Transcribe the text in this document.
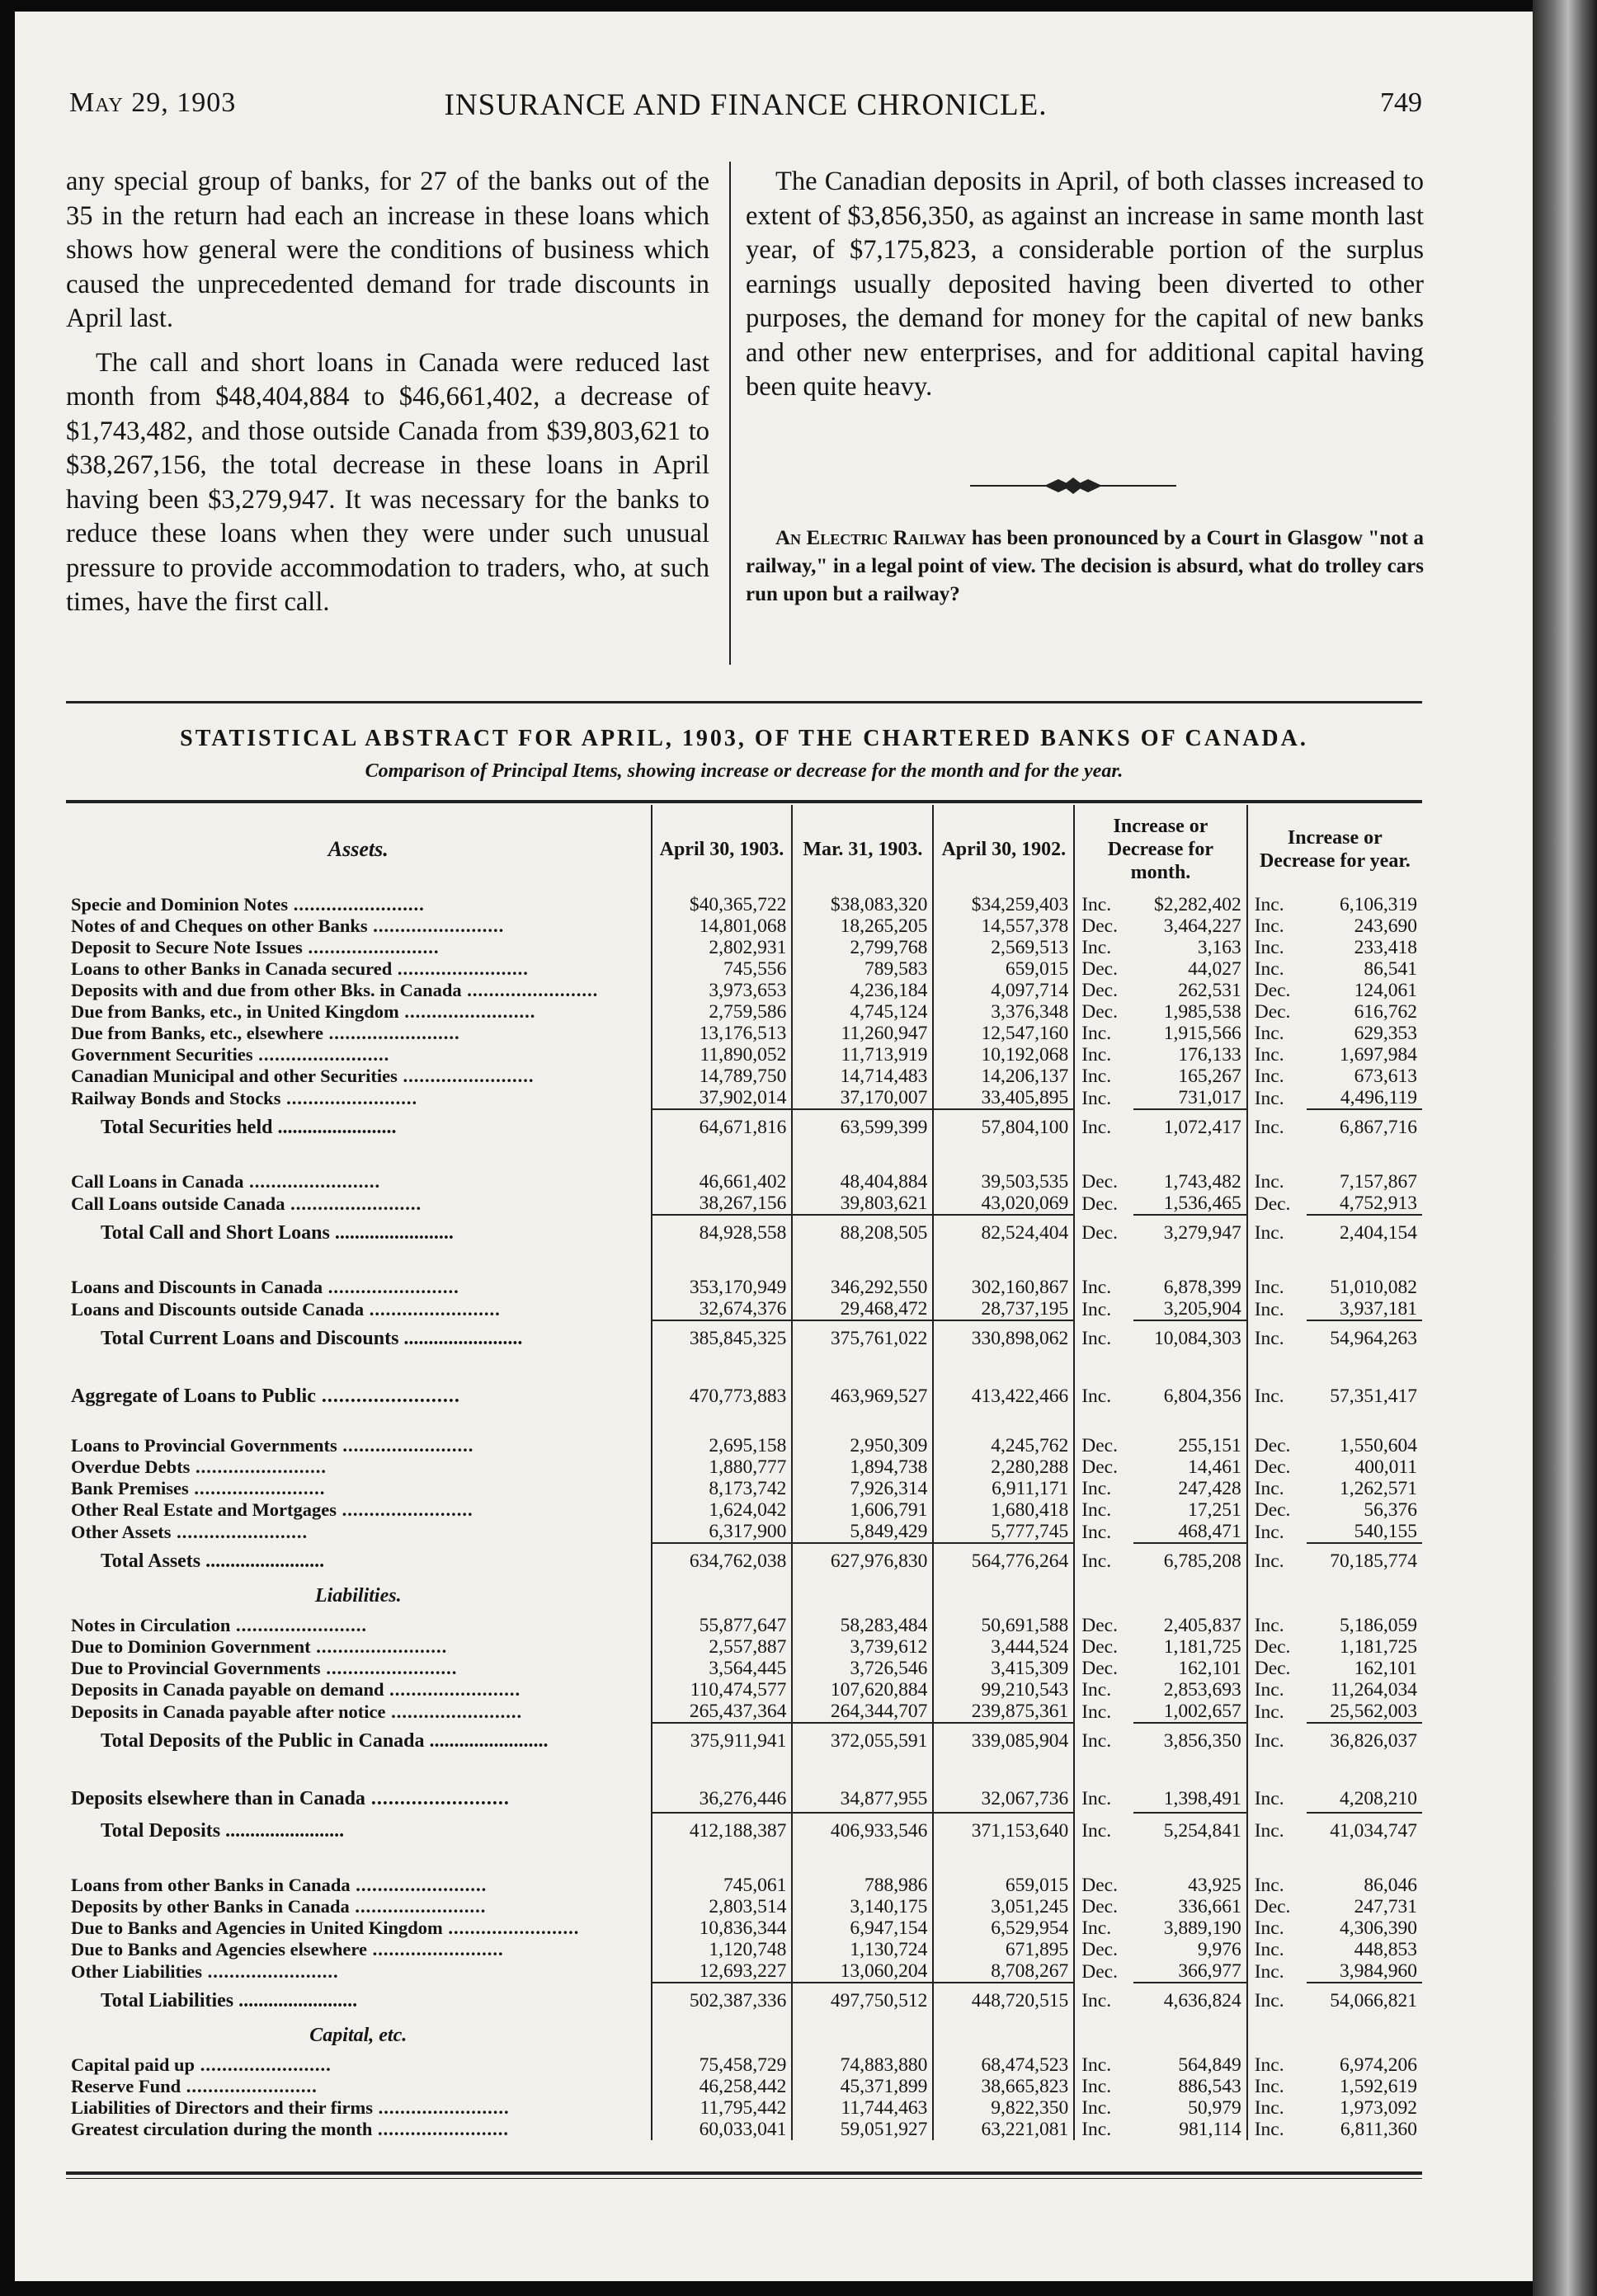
INSURANCE AND FINANCE CHRONICLE.
May 29, 1903	749

any special group of banks, for 27 of the banks out of the 35 in the return had each an increase in these loans which shows how general were the conditions of business which caused the unprecedented demand for trade discounts in April last.

The call and short loans in Canada were reduced last month from $48,404,884 to $46,661,402, a decrease of $1,743,482, and those outside Canada from $39,803,621 to $38,267,156, the total decrease in these loans in April having been $3,279,947. It was necessary for the banks to reduce these loans when they were under such unusual pressure to provide accommodation to traders, who, at such times, have the first call.

The Canadian deposits in April, of both classes increased to extent of $3,856,350, as against an increase in same month last year, of $7,175,823, a considerable portion of the surplus earnings usually deposited having been diverted to other purposes, the demand for money for the capital of new banks and other new enterprises, and for additional capital having been quite heavy.

An Electric Railway has been pronounced by a Court in Glasgow "not a railway," in a legal point of view. The decision is absurd, what do trolley cars run upon but a railway?
STATISTICAL ABSTRACT FOR APRIL, 1903, OF THE CHARTERED BANKS OF CANADA.
Comparison of Principal Items, showing increase or decrease for the month and for the year.
Assets.	April 30, 1903.	Mar. 31, 1903.	April 30, 1902.	Increase or Decrease for month.		Increase or Decrease for year.	
Specie and Dominion Notes ........................	$40,365,722	$38,083,320	$34,259,403	Inc.	$2,282,402	Inc.	6,106,319
Notes of and Cheques on other Banks ........................	14,801,068	18,265,205	14,557,378	Dec.	3,464,227	Inc.	243,690
Deposit to Secure Note Issues ........................	2,802,931	2,799,768	2,569,513	Inc.	3,163	Inc.	233,418
Loans to other Banks in Canada secured ........................	745,556	789,583	659,015	Dec.	44,027	Inc.	86,541
Deposits with and due from other Bks. in Canada ........................	3,973,653	4,236,184	4,097,714	Dec.	262,531	Dec.	124,061
Due from Banks, etc., in United Kingdom ........................	2,759,586	4,745,124	3,376,348	Dec.	1,985,538	Dec.	616,762
Due from Banks, etc., elsewhere ........................	13,176,513	11,260,947	12,547,160	Inc.	1,915,566	Inc.	629,353
Government Securities ........................	11,890,052	11,713,919	10,192,068	Inc.	176,133	Inc.	1,697,984
Canadian Municipal and other Securities ........................	14,789,750	14,714,483	14,206,137	Inc.	165,267	Inc.	673,613
Railway Bonds and Stocks ........................	37,902,014	37,170,007	33,405,895	Inc.	731,017	Inc.	4,496,119
Total Securities held ........................	64,671,816	63,599,399	57,804,100	Inc.	1,072,417	Inc.	6,867,716

Call Loans in Canada ........................	46,661,402	48,404,884	39,503,535	Dec.	1,743,482	Inc.	7,157,867
Call Loans outside Canada ........................	38,267,156	39,803,621	43,020,069	Dec.	1,536,465	Dec.	4,752,913
Total Call and Short Loans ........................	84,928,558	88,208,505	82,524,404	Dec.	3,279,947	Inc.	2,404,154

Loans and Discounts in Canada ........................	353,170,949	346,292,550	302,160,867	Inc.	6,878,399	Inc.	51,010,082
Loans and Discounts outside Canada ........................	32,674,376	29,468,472	28,737,195	Inc.	3,205,904	Inc.	3,937,181
Total Current Loans and Discounts ........................	385,845,325	375,761,022	330,898,062	Inc.	10,084,303	Inc.	54,964,263

Aggregate of Loans to Public ........................	470,773,883	463,969,527	413,422,466	Inc.	6,804,356	Inc.	57,351,417

Loans to Provincial Governments ........................	2,695,158	2,950,309	4,245,762	Dec.	255,151	Dec.	1,550,604
Overdue Debts ........................	1,880,777	1,894,738	2,280,288	Dec.	14,461	Dec.	400,011
Bank Premises ........................	8,173,742	7,926,314	6,911,171	Inc.	247,428	Inc.	1,262,571
Other Real Estate and Mortgages ........................	1,624,042	1,606,791	1,680,418	Inc.	17,251	Dec.	56,376
Other Assets ........................	6,317,900	5,849,429	5,777,745	Inc.	468,471	Inc.	540,155
Total Assets ........................	634,762,038	627,976,830	564,776,264	Inc.	6,785,208	Inc.	70,185,774
Liabilities.							
Notes in Circulation ........................	55,877,647	58,283,484	50,691,588	Dec.	2,405,837	Inc.	5,186,059
Due to Dominion Government ........................	2,557,887	3,739,612	3,444,524	Dec.	1,181,725	Dec.	1,181,725
Due to Provincial Governments ........................	3,564,445	3,726,546	3,415,309	Dec.	162,101	Dec.	162,101
Deposits in Canada payable on demand ........................	110,474,577	107,620,884	99,210,543	Inc.	2,853,693	Inc.	11,264,034
Deposits in Canada payable after notice ........................	265,437,364	264,344,707	239,875,361	Inc.	1,002,657	Inc.	25,562,003
Total Deposits of the Public in Canada ........................	375,911,941	372,055,591	339,085,904	Inc.	3,856,350	Inc.	36,826,037

Deposits elsewhere than in Canada ........................	36,276,446	34,877,955	32,067,736	Inc.	1,398,491	Inc.	4,208,210
Total Deposits ........................	412,188,387	406,933,546	371,153,640	Inc.	5,254,841	Inc.	41,034,747

Loans from other Banks in Canada ........................	745,061	788,986	659,015	Dec.	43,925	Inc.	86,046
Deposits by other Banks in Canada ........................	2,803,514	3,140,175	3,051,245	Dec.	336,661	Dec.	247,731
Due to Banks and Agencies in United Kingdom ........................	10,836,344	6,947,154	6,529,954	Inc.	3,889,190	Inc.	4,306,390
Due to Banks and Agencies elsewhere ........................	1,120,748	1,130,724	671,895	Dec.	9,976	Inc.	448,853
Other Liabilities ........................	12,693,227	13,060,204	8,708,267	Dec.	366,977	Inc.	3,984,960
Total Liabilities ........................	502,387,336	497,750,512	448,720,515	Inc.	4,636,824	Inc.	54,066,821
Capital, etc.							
Capital paid up ........................	75,458,729	74,883,880	68,474,523	Inc.	564,849	Inc.	6,974,206
Reserve Fund ........................	46,258,442	45,371,899	38,665,823	Inc.	886,543	Inc.	1,592,619
Liabilities of Directors and their firms ........................	11,795,442	11,744,463	9,822,350	Inc.	50,979	Inc.	1,973,092
Greatest circulation during the month ........................	60,033,041	59,051,927	63,221,081	Inc.	981,114	Inc.	6,811,360
